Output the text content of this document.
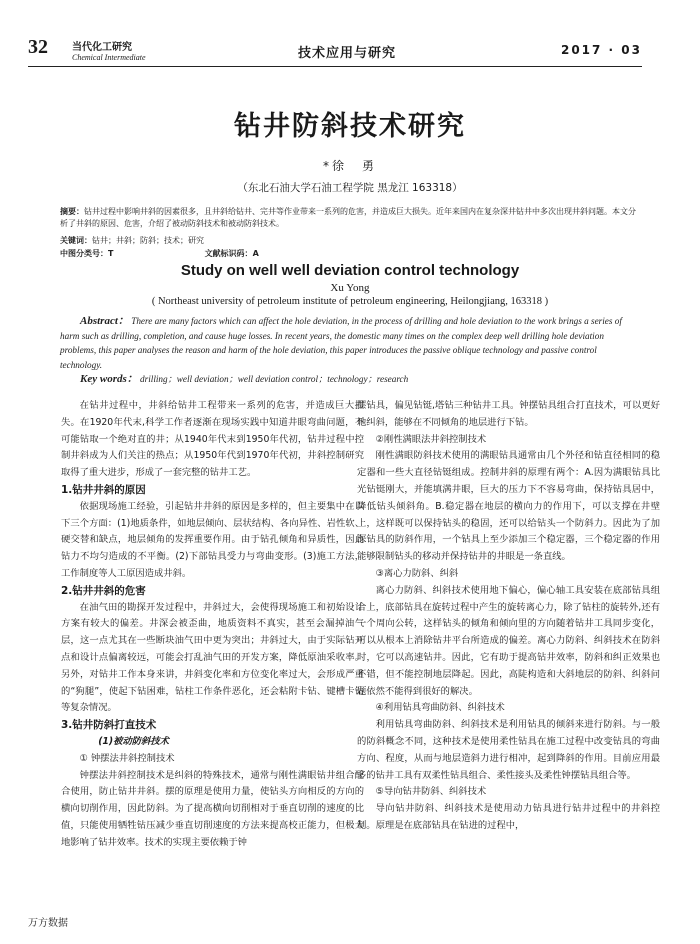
32 当代化工研究
Chemical Intermediate	技术应用与研究	2017 · 03
钻井防斜技术研究
*徐　勇
（东北石油大学石油工程学院 黑龙江 163318）
摘要：钻井过程中影响井斜的因素很多，且井斜给钻井、完井等作业带来一系列的危害，并造成巨大损失。近年来国内在复杂深井钻井中多次出现井斜问题。本文分析了井斜的原因、危害，介绍了被动防斜技术和被动防斜技术。
关键词：钻井；井斜；防斜；技术；研究
中图分类号：T	文献标识码：A
Study on well well deviation control technology
Xu Yong
( Northeast university of petroleum institute of petroleum engineering, Heilongjiang, 163318 )
Abstract： There are many factors which can affect the hole deviation, in the process of drilling and hole deviation to the work brings a series of harm such as drilling, completion, and cause huge losses. In recent years, the domestic many times on the complex deep well drilling hole deviation problems, this paper analyses the reason and harm of the hole deviation, this paper introduces the passive oblique technology and passive control technology.
Key words： drilling；well deviation；well deviation control；technology；research

在钻井过程中，井斜给钻井工程带来一系列的危害，并造成巨大损失。在1920年代末,科学工作者逐渐在现场实践中知道井眼弯曲问题，不可能钻取一个绝对直的井；从1940年代末到1950年代初，钻井过程中控制井斜成为人们关注的热点；从1950年代到1970年代初，井斜控制研究取得了重大进步，形成了一套完整的钻井工艺。

1.钻井井斜的原因

依据现场施工经验，引起钻井井斜的原因是多样的，但主要集中在以下三个方面：(1)地质条件，如地层倾向、层状结构、各向异性、岩性软、硬交替和缺点，地层倾角的发挥重要作用。由于钻孔倾角和异质性，因此钻力不均匀造成的不平衡。(2)下部钻具受力与弯曲变形。(3)施工方法，工作制度等人工原因造成井斜。

2.钻井井斜的危害

在油气田的勘探开发过程中，井斜过大，会使得现场施工和初始设计方案有较大的偏差。井深会被歪曲，地质资料不真实，甚至会漏掉油气层，这一点尤其在一些断块油气田中更为突出；井斜过大，由于实际钻开点和设计点偏离较远，可能会打乱油气田的开发方案，降低原油采收率。另外，对钻井工作本身来讲，井斜变化率和方位变化率过大，会形成严重的“狗腿”，使起下钻困难，钻柱工作条件恶化，还会粘附卡钻、键槽卡钻等复杂情况。

3.钻井防斜打直技术

(1)被动防斜技术

① 钟摆法井斜控制技术

钟摆法井斜控制技术是纠斜的特殊技术，通常与刚性满眼钻井组合配合使用，防止钻井井斜。摆的原理是使用力量，使钻头方向相反的方向的横向切削作用，因此防斜。为了提高横向切削相对于垂直切削的速度的比值，只能使用牺牲钻压减少垂直切削速度的方法来提高校正能力，但极大地影响了钻井效率。技术的实现主要依赖于钟

摆钻具，偏见钻铤,塔钻三种钻井工具。钟摆钻具组合打直技术，可以更好地纠斜，能够在不同倾角的地层进行下钻。

②刚性满眼法井斜控制技术

刚性满眼防斜技术使用的满眼钻具通常由几个外径和钻直径相同的稳定器和一些大直径钻铤组成。控制井斜的原理有两个：A.因为满眼钻具比光钻铤刚大，并能填满井眼，巨大的压力下不容易弯曲，保持钻具居中，降低钻头倾斜角。B.稳定器在地层的横向力的作用下，可以支撑在井壁上，这样既可以保持钻头的稳固，还可以给钻头一个防斜力。因此为了加深钻具的防斜作用，一个钻具上至少添加三个稳定器，三个稳定器的作用能够限制钻头的移动并保持钻井的井眼是一条直线。

③离心力防斜、纠斜

离心力防斜、纠斜技术使用地下偏心，偏心轴工具安装在底部钻具组合上，底部钻具在旋转过程中产生的旋转离心力，除了钻柱的旋转外,还有一个周向公转，这样钻头的倾角和倾向里的方向随着钻井工具同步变化，可以从根本上消除钻井平台所造成的偏差。离心力防斜、纠斜技术在防斜时，它可以高速钻井。因此，它有助于提高钻井效率，防斜和纠正效果也不错，但不能控制地层降起。因此，高陡构造和大斜地层的防斜、纠斜问题依然不能得到很好的解决。

④利用钻具弯曲防斜、纠斜技术

利用钻具弯曲防斜、纠斜技术是利用钻具的倾斜来进行防斜。与一般的防斜概念不同，这种技术是使用柔性钻具在施工过程中改变钻具的弯曲方向、程度，从而与地层造斜力进行相冲，起到降斜的作用。目前应用最多的钻井工具有双柔性钻具组合、柔性接头及柔性钟摆钻具组合等。

⑤导向钻井防斜、纠斜技术

导向钻井防斜、纠斜技术是使用动力钻具进行钻井过程中的井斜控制。原理是在底部钻具在钻进的过程中，

万方数据
